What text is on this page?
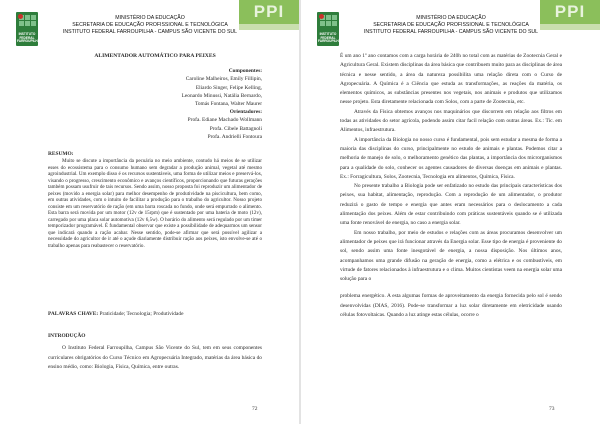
INSTITUTO
FEDERAL
FARROUPILHA
MINISTÉRIO DA EDUCAÇÃO
SECRETARIA DE EDUCAÇÃO PROFISSIONAL E TECNOLÓGICA
INSTITUTO FEDERAL FARROUPILHA - CAMPUS SÃO VICENTE DO SUL
PPI

ALIMENTADOR AUTOMÁTICO PARA PEIXES

Componentes:

Caroline Malheiros, Emily Fillipin,

Eliardo Singer, Felipe Kelling,

Leonardo Minussi, Natália Bernardo,

Tomás Fontana, Walter Maurer

Orientadores:

Profa. Ediane Machado Wollmann

Profa. Cibele Battagnoli

Profa. Andrielli Fontoura

RESUMO:

Muito se discute a importância da pecuária no meio ambiente, contudo há meios de se utilizar esses do ecossistema para o consumo humano sem degradar a produção animal, vegetal até mesmo agroindustrial. Um exemplo disso é os recursos sustentáveis, uma forma de utilizar meios e preservá-los, visando o progresso, crescimento econômico e avanços científicos, proporcionando que futuras gerações também possam usufruir de tais recursos. Sendo assim, nosso proposta foi reproduzir um alimentador de peixes (movido a energia solar) para melhor desempenho de produtividade na piscicultura, bem como, em outras atividades, com o intuito de facilitar a produção para o trabalho do agricultor. Nosso projeto consiste em um reservatório de ração (em uma barra roscada no fundo, onde será empurrado o alimento. Esta barra será movida por um motor (12v de 15rpm) que é sustentado por uma bateria de moto (12v), carregado por uma placa solar automotiva (12v 6,5w). O horário do alimento será regulado por um timer temporizador programável. É fundamental observar que existe a possibilidade de adequarmos um sensor que indicará quando a ração acabar. Nesse sentido, pode-se afirmar que será possível agilizar a necessidade do agricultor de ir até o açude diariamente distribuir ração aos peixes, isto envolve-se até o trabalho apenas para reabastecer o reservatório.

PALAVRAS CHAVE: Praticidade; Tecnologia; Produtividade

INTRODUÇÃO

O Instituto Federal Farroupilha, Campus São Vicente do Sul, tem em seus componentes curriculares obrigatórios do Curso Técnico em Agropecuária Integrado, matérias da área básica do ensino médio, como: Biologia, Física, Química, entre outras.

72
INSTITUTO
FEDERAL
FARROUPILHA
MINISTÉRIO DA EDUCAÇÃO
SECRETARIA DE EDUCAÇÃO PROFISSIONAL E TECNOLÓGICA
INSTITUTO FEDERAL FARROUPILHA - CAMPUS SÃO VICENTE DO SUL
PPI

É um ano 1º ano contamos com a carga horária de 240h no total com as matérias de Zootecnia Geral e Agricultura Geral. Existem disciplinas da área básica que contribuem muito para as disciplinas de área técnica e nesse sentido, a área da natureza possibilita uma relação direta com o Curso de Agropecuária. A Química é a Ciência que estuda as transformações, as reações da matéria, os elementos químicos, as substâncias presentes nos vegetais, nos animais e produtos que utilizamos nesse projeto. Esta diretamente relacionada com Solos, com a parte de Zootecnia, etc.

Através da Física obtemos avanços nos maquinários que discorrem em relação aos filtros em todas as atividades do setor agrícola, podendo assim citar facil relação com outras áreas. Ex.: Tic. em Alimentos, infraestrutura.

A importância da Biologia no nosso curso é fundamental, pois sem estudar a mesma de forma a maioria das disciplinas do curso, principalmente no estudo de animais e plantas. Podemos citar a melhoria de manejo de solo, o melhoramento genético das plantas, a importância dos microrganismos para a qualidade do solo, conhecer os agentes causadores de diversas doenças em animais e plantas. Ex.: Forragicultura, Solos, Zootecnia, Tecnologia em alimentos, Química, Física.

No presente trabalho a Biologia pode ser enfatizado no estudo das principais características dos peixes, sua habitat, alimentação, reprodução. Com a reprodução de um alimentador, o produtor reduzirá o gasto de tempo e energia que antes eram necessários para o deslocamento a cada alimentação dos peixes. Além de estar contribuindo com práticas sustentáveis quando se é utilizada uma fonte renovável de energia, no caso a energia solar.

Em nosso trabalho, por meio de estudos e relações com as áreas procuramos desenvolver um alimentador de peixes que irá funcionar através da Energia solar. Esse tipo de energia é proveniente do sol, sendo assim uma fonte inesgotável de energia, a nossa disposição. Nos últimos anos, acompanhamos uma grande difusão na geração de energia, como a elétrica e os combustíveis, em virtude de fatores relacionados à infraestrutura e o clima. Muitos cientistas veem na energia solar uma solução para o

problema energético. A esta algumas formas de aproveitamento da energia fornecida pelo sol é sendo desenvolvidas (DIAS, 2016). Pode-se transformar a luz solar diretamente em eletricidade usando células fotovoltaicas. Quando a luz atinge estas células, ocorre o

73
